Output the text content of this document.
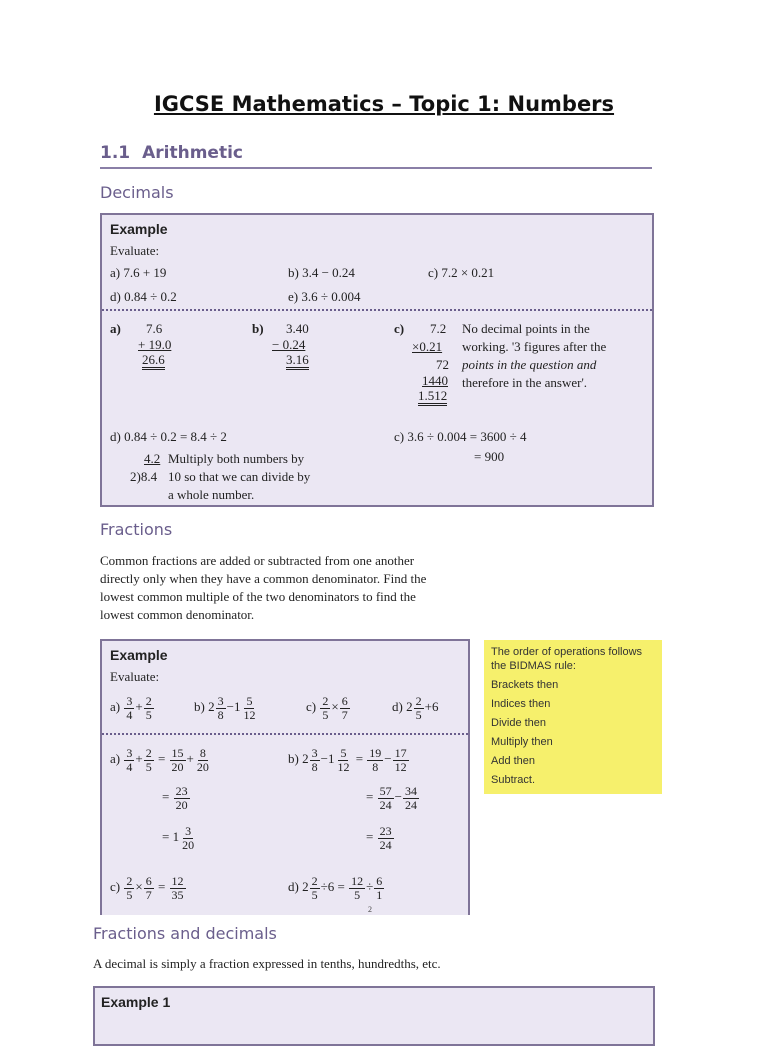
IGCSE Mathematics – Topic 1: Numbers
1.1 Arithmetic
Decimals
Example
Evaluate:
a) 7.6 + 19	b) 3.4 − 0.24	c) 7.2 × 0.21
d) 0.84 ÷ 0.2	e) 3.6 ÷ 0.004
a) 7.6
+ 19.0
26.6
b) 3.40
− 0.24
3.16
c) 7.2
×0.21
72
1440
1.512
No decimal points in the
working. '3 figures after the
points in the question and
therefore in the answer'.
d) 0.84 ÷ 0.2 = 8.4 ÷ 2
4.2
2)8.4
Multiply both numbers by
10 so that we can divide by
a whole number.
c) 3.6 ÷ 0.004 = 3600 ÷ 4
= 900
Fractions
Common fractions are added or subtracted from one another
directly only when they have a common denominator. Find the
lowest common multiple of the two denominators to find the
lowest common denominator.
Example
Evaluate:
$a) \frac{3}{4} + \frac{2}{5}$	b) $2 \frac{3}{8} -1 \frac{5}{12}$	$c) \frac{2}{5} \times \frac{6}{7}$	d) $2 \frac{2}{5} +6$
$a) \frac{3}{4} + \frac{2}{5} = \frac{15}{20} + \frac{8}{20}$
= $\frac{23}{20}$
= $1 \frac{3}{20}$
b) $2 \frac{3}{8} -1 \frac{5}{12} = \frac{19}{8} - \frac{17}{12}$
= $\frac{57}{24} - \frac{34}{24}$
= $\frac{23}{24}$
$c) \frac{2}{5} \times \frac{6}{7} = \frac{12}{35}$	d) $2 \frac{2}{5} \div 6 = \frac{12}{5} \div \frac{6}{1}$
2
The order of operations follows the BIDMAS rule:
Brackets then
Indices then
Divide then
Multiply then
Add then
Subtract.
Fractions and decimals
A decimal is simply a fraction expressed in tenths, hundredths, etc.
Example 1
